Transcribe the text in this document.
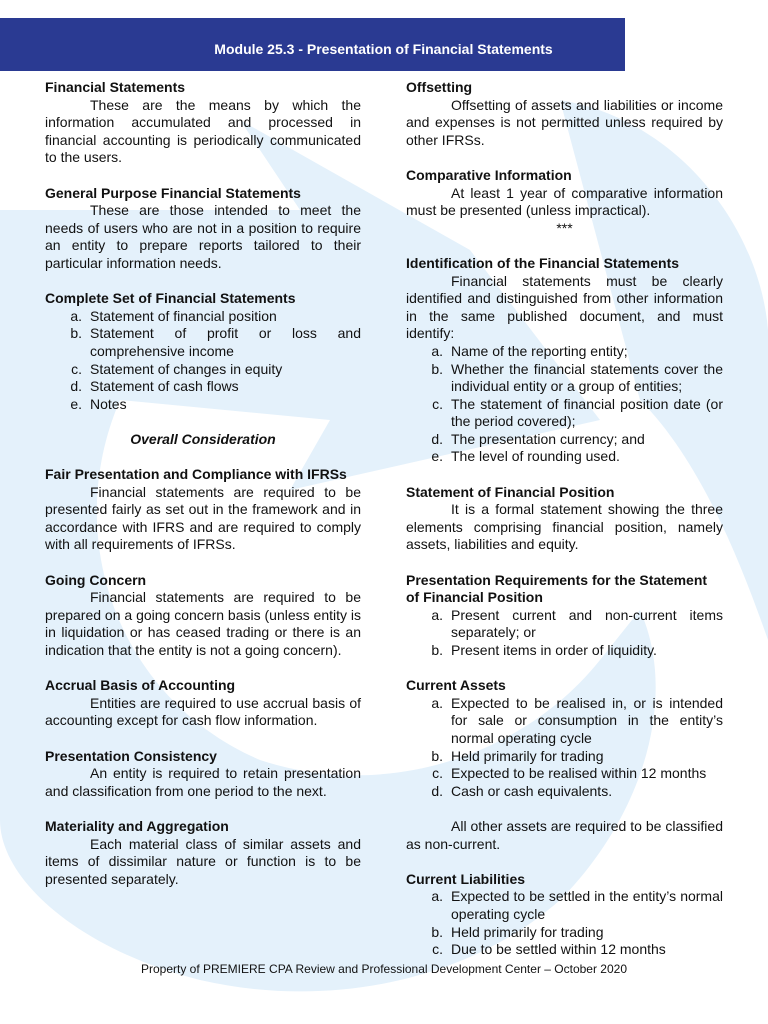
Module 25.3 - Presentation of Financial Statements
Financial Statements
These are the means by which the information accumulated and processed in financial accounting is periodically communicated to the users.
General Purpose Financial Statements
These are those intended to meet the needs of users who are not in a position to require an entity to prepare reports tailored to their particular information needs.
Complete Set of Financial Statements
a. Statement of financial position
b. Statement of profit or loss and comprehensive income
c. Statement of changes in equity
d. Statement of cash flows
e. Notes
Overall Consideration
Fair Presentation and Compliance with IFRSs
Financial statements are required to be presented fairly as set out in the framework and in accordance with IFRS and are required to comply with all requirements of IFRSs.
Going Concern
Financial statements are required to be prepared on a going concern basis (unless entity is in liquidation or has ceased trading or there is an indication that the entity is not a going concern).
Accrual Basis of Accounting
Entities are required to use accrual basis of accounting except for cash flow information.
Presentation Consistency
An entity is required to retain presentation and classification from one period to the next.
Materiality and Aggregation
Each material class of similar assets and items of dissimilar nature or function is to be presented separately.
Offsetting
Offsetting of assets and liabilities or income and expenses is not permitted unless required by other IFRSs.
Comparative Information
At least 1 year of comparative information must be presented (unless impractical).
***
Identification of the Financial Statements
Financial statements must be clearly identified and distinguished from other information in the same published document, and must identify:
a. Name of the reporting entity;
b. Whether the financial statements cover the individual entity or a group of entities;
c. The statement of financial position date (or the period covered);
d. The presentation currency; and
e. The level of rounding used.
Statement of Financial Position
It is a formal statement showing the three elements comprising financial position, namely assets, liabilities and equity.
Presentation Requirements for the Statement of Financial Position
a. Present current and non-current items separately; or
b. Present items in order of liquidity.
Current Assets
a. Expected to be realised in, or is intended for sale or consumption in the entity’s normal operating cycle
b. Held primarily for trading
c. Expected to be realised within 12 months
d. Cash or cash equivalents.
All other assets are required to be classified as non-current.
Current Liabilities
a. Expected to be settled in the entity’s normal operating cycle
b. Held primarily for trading
c. Due to be settled within 12 months
Property of PREMIERE CPA Review and Professional Development Center – October 2020
